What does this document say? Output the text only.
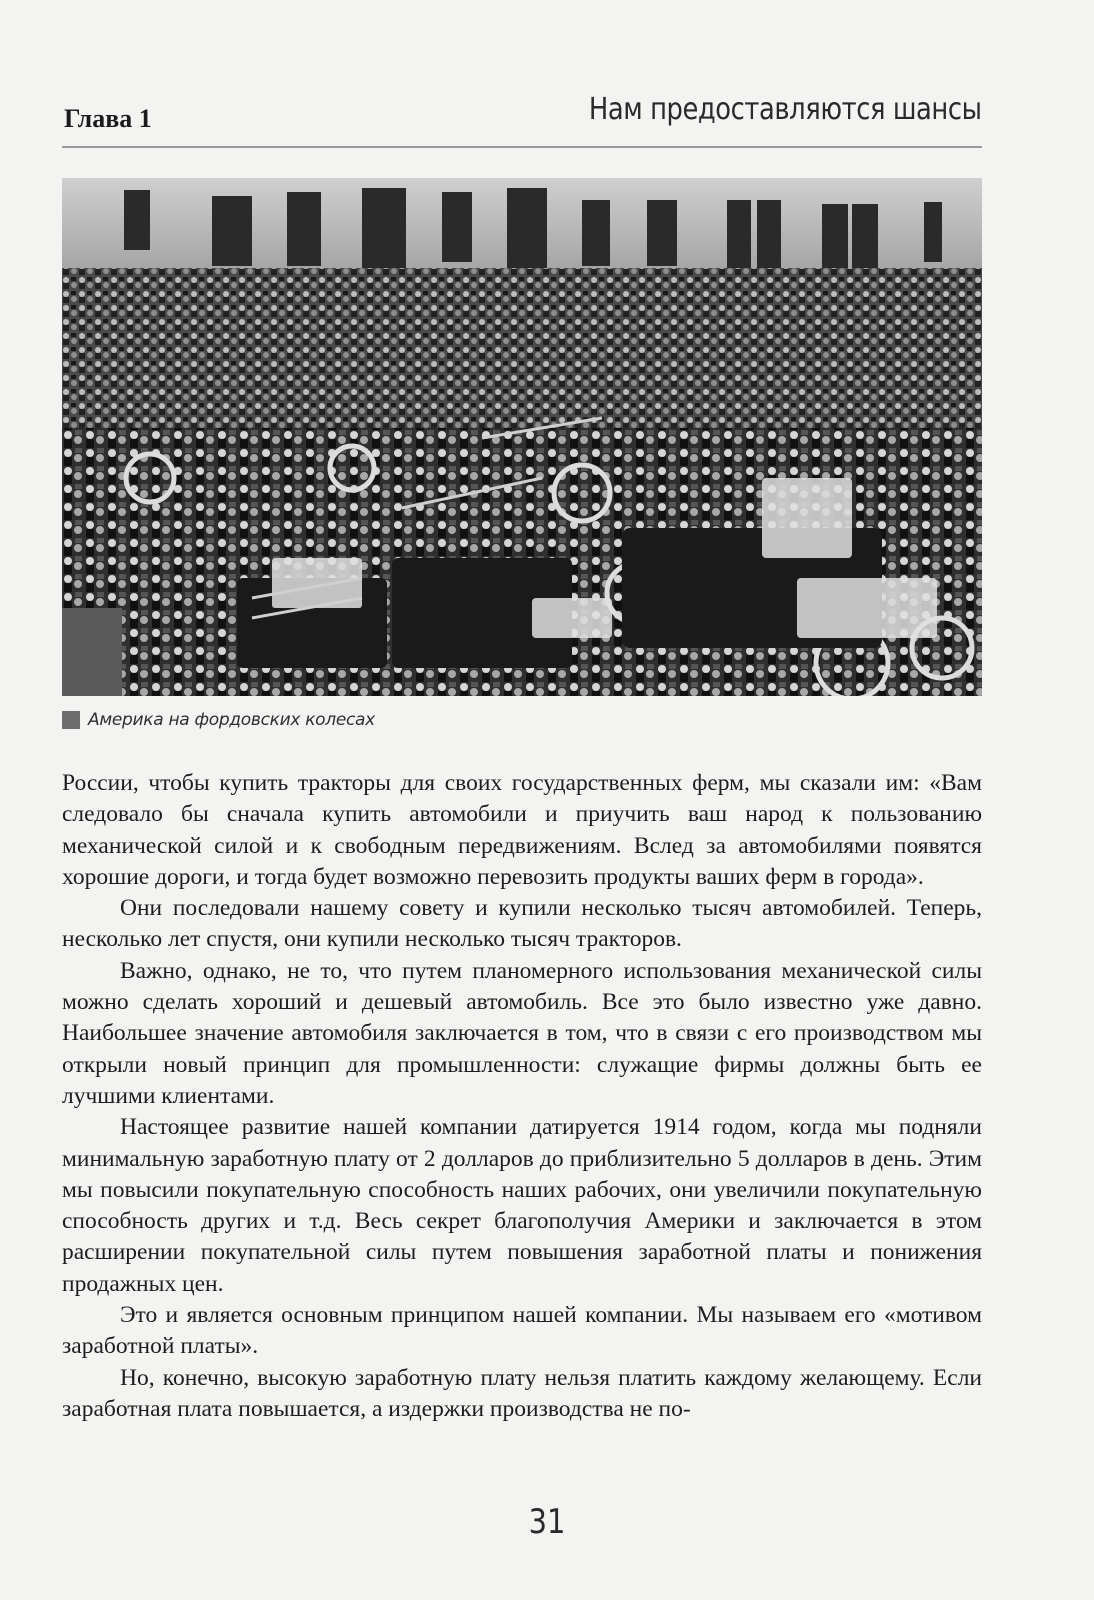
Глава 1	Нам предоставляются шансы
Америка на фордовских колесах

России, чтобы купить тракторы для своих государственных ферм, мы сказали им: «Вам следовало бы сначала купить автомобили и приучить ваш народ к пользованию механической силой и к свободным передвижениям. Вслед за автомобилями появятся хорошие дороги, и тогда будет возможно перевозить продукты ваших ферм в города».

Они последовали нашему совету и купили несколько тысяч автомобилей. Теперь, несколько лет спустя, они купили несколько тысяч тракторов.

Важно, однако, не то, что путем планомерного использования механической силы можно сделать хороший и дешевый автомобиль. Все это было известно уже давно. Наибольшее значение автомобиля заключается в том, что в связи с его производством мы открыли новый принцип для промышленности: служащие фирмы должны быть ее лучшими клиентами.

Настоящее развитие нашей компании датируется 1914 годом, когда мы подняли минимальную заработную плату от 2 долларов до приблизительно 5 долларов в день. Этим мы повысили покупательную способность наших рабочих, они увеличили покупательную способность других и т.д. Весь секрет благополучия Америки и заключается в этом расширении покупательной силы путем повышения заработной платы и понижения продажных цен.

Это и является основным принципом нашей компании. Мы называем его «мотивом заработной платы».

Но, конечно, высокую заработную плату нельзя платить каждому желающему. Если заработная плата повышается, а издержки производства не по-

31
